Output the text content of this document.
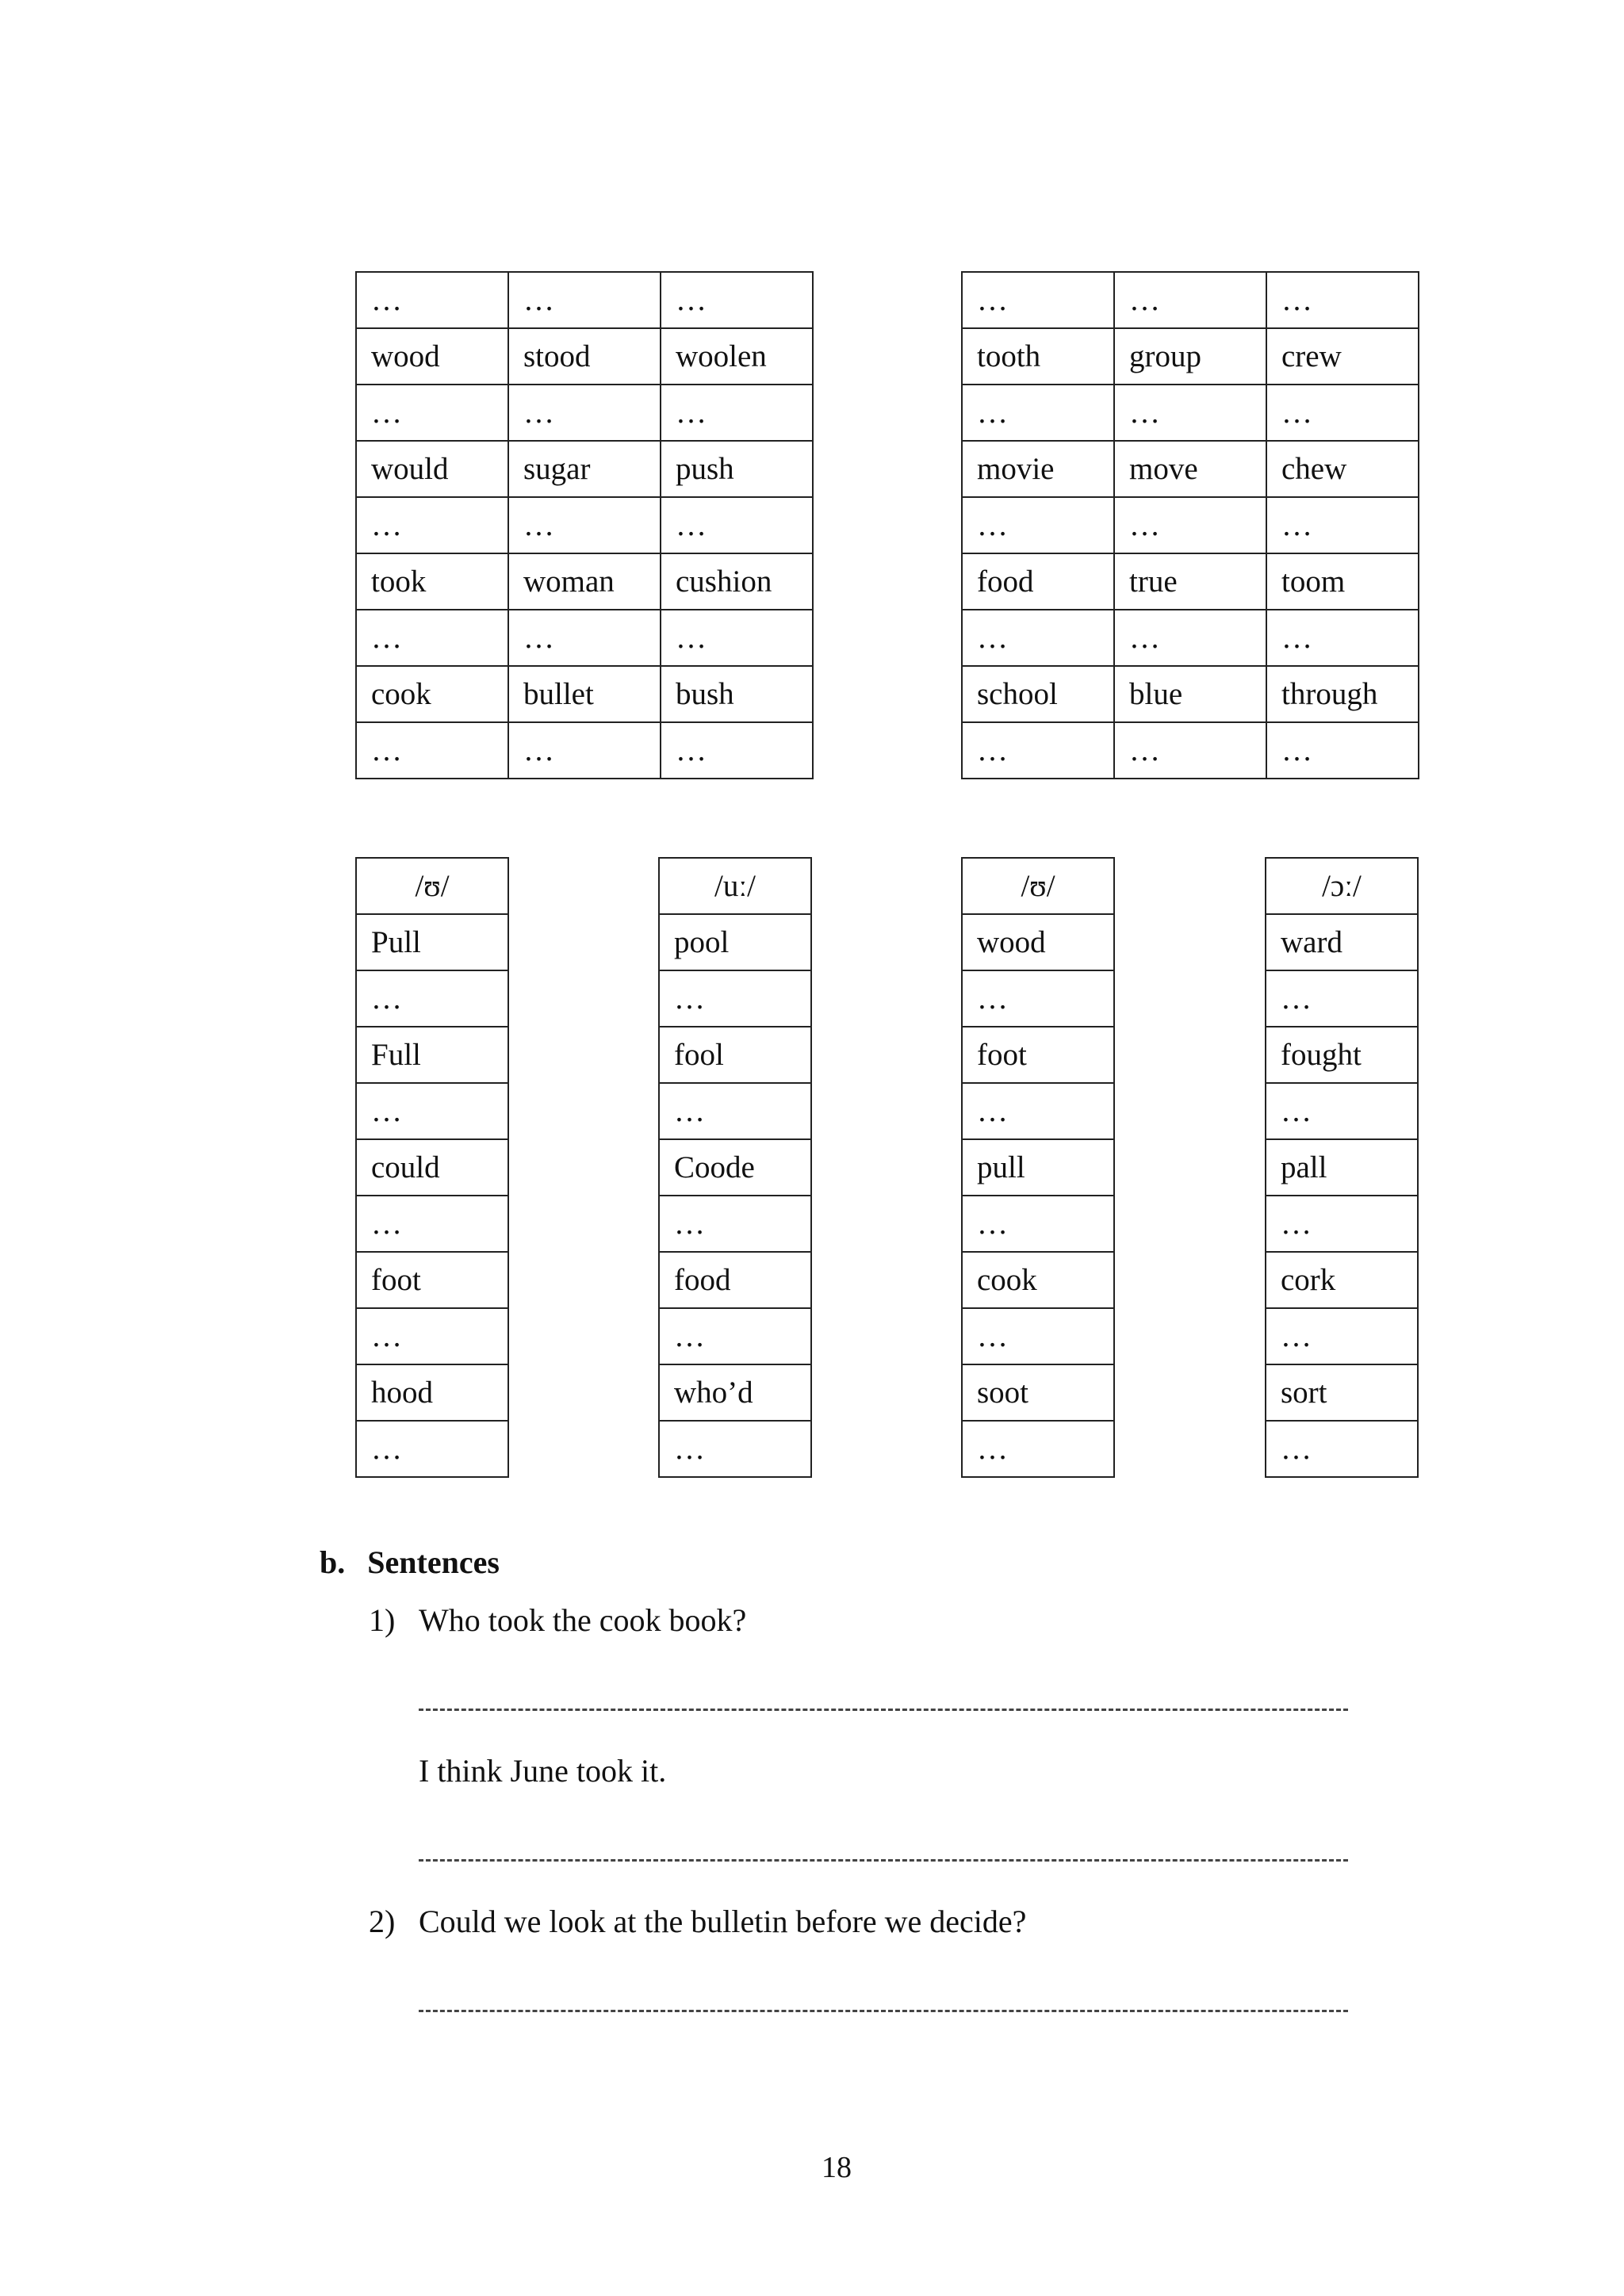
…	…	…
wood	stood	woolen
…	…	…
would	sugar	push
…	…	…
took	woman	cushion
…	…	…
cook	bullet	bush
…	…	…
…	…	…
tooth	group	crew
…	…	…
movie	move	chew
…	…	…
food	true	toom
…	…	…
school	blue	through
…	…	…
/ʊ/
Pull
…
Full
…
could
…
foot
…
hood
…
/uː/
pool
…
fool
…
Coode
…
food
…
who’d
…
/ʊ/
wood
…
foot
…
pull
…
cook
…
soot
…
/ɔː/
ward
…
fought
…
pall
…
cork
…
sort
…
b. Sentences
1) Who took the cook book?
I think June took it.
2) Could we look at the bulletin before we decide?
18
